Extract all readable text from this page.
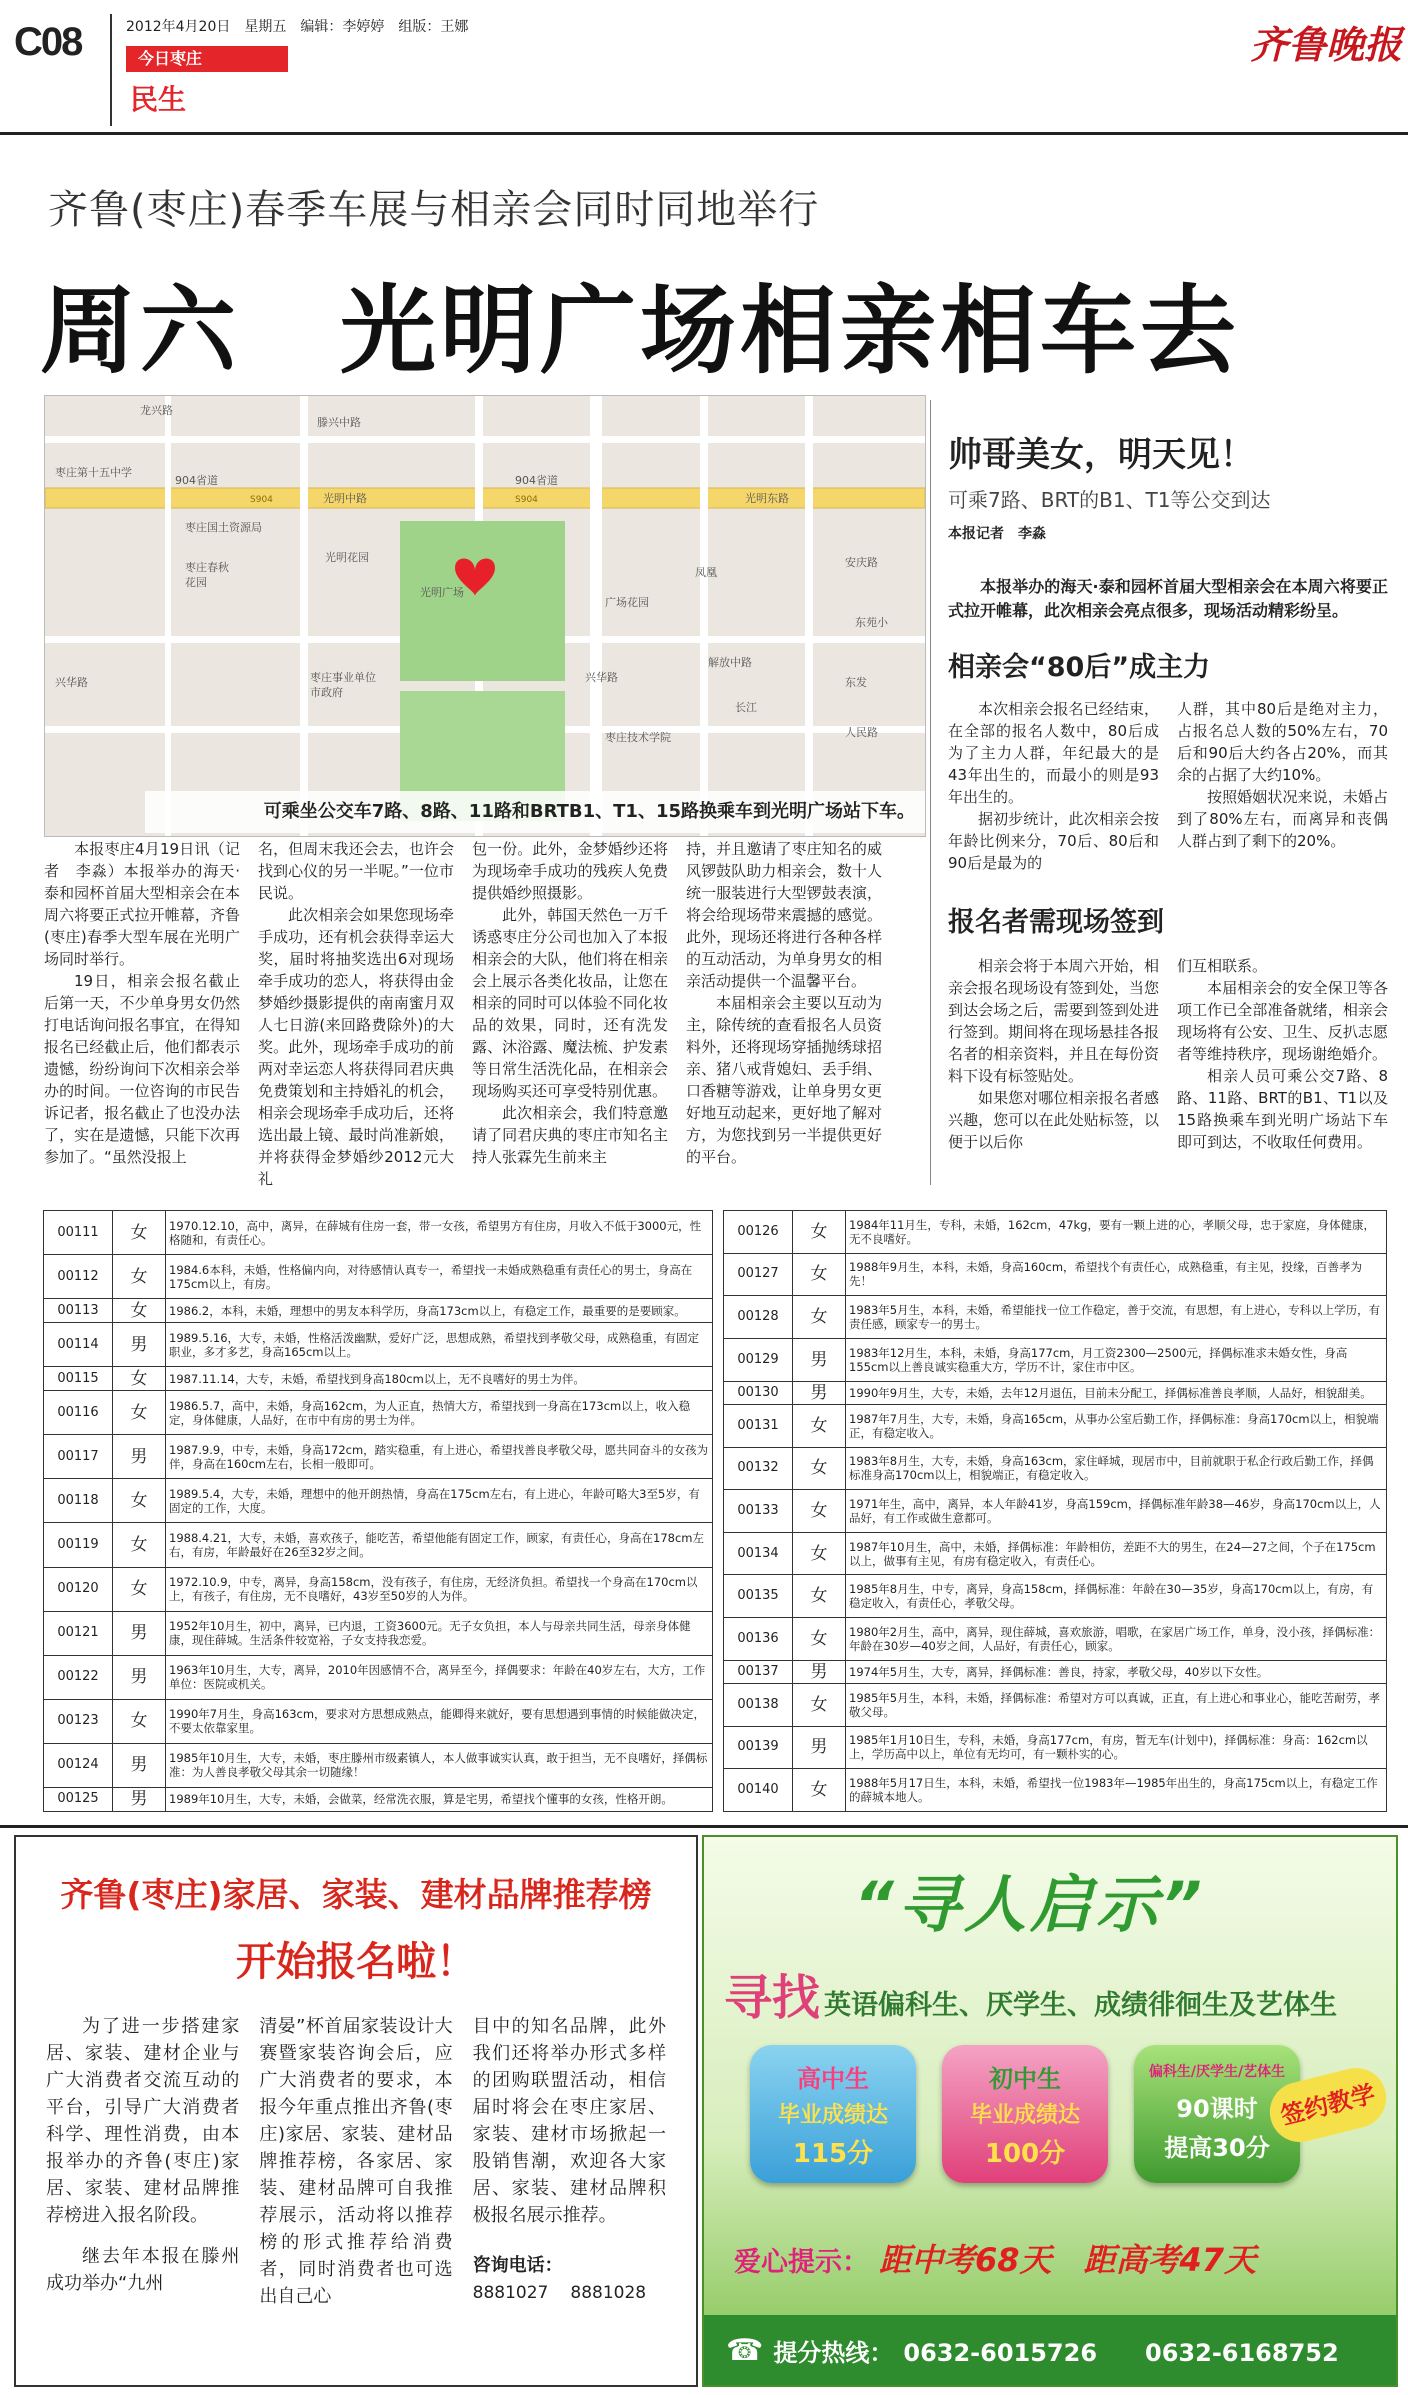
C08	2012年4月20日　星期五　编辑：李婷婷　组版：王娜
今日枣庄
民生
齐鲁晚报
齐鲁(枣庄)春季车展与相亲会同时同地举行
周六　光明广场相亲相车去
龙兴路
滕兴中路
枣庄第十五中学
904省道
S904	光明中路
904省道
S904	光明东路
枣庄国土资源局
光明花园
光明广场
枣庄春秋
花园
广场花园
凤凰
枣庄事业单位
市政府
兴华路	兴华路
解放中路
枣庄技术学院
安庆路
东苑小
长江
东发
人民路
可乘坐公交车7路、8路、11路和BRTB1、T1、15路换乘车到光明广场站下车。

本报枣庄4月19日讯（记者　李淼）本报举办的海天·泰和园杯首届大型相亲会在本周六将要正式拉开帷幕，齐鲁(枣庄)春季大型车展在光明广场同时举行。

19日，相亲会报名截止后第一天，不少单身男女仍然打电话询问报名事宜，在得知报名已经截止后，他们都表示遗憾，纷纷询问下次相亲会举办的时间。一位咨询的市民告诉记者，报名截止了也没办法了，实在是遗憾，只能下次再参加了。“虽然没报上

名，但周末我还会去，也许会找到心仪的另一半呢。”一位市民说。

此次相亲会如果您现场牵手成功，还有机会获得幸运大奖，届时将抽奖选出6对现场牵手成功的恋人，将获得由金梦婚纱摄影提供的南南蜜月双人七日游(来回路费除外)的大奖。此外，现场牵手成功的前两对幸运恋人将获得同君庆典免费策划和主持婚礼的机会，相亲会现场牵手成功后，还将选出最上镜、最时尚准新娘，并将获得金梦婚纱2012元大礼

包一份。此外，金梦婚纱还将为现场牵手成功的残疾人免费提供婚纱照摄影。

此外，韩国天然色一万千诱惑枣庄分公司也加入了本报相亲会的大队，他们将在相亲会上展示各类化妆品，让您在相亲的同时可以体验不同化妆品的效果，同时，还有洗发露、沐浴露、魔法梳、护发素等日常生活洗化品，在相亲会现场购买还可享受特别优惠。

此次相亲会，我们特意邀请了同君庆典的枣庄市知名主持人张霖先生前来主

持，并且邀请了枣庄知名的威风锣鼓队助力相亲会，数十人统一服装进行大型锣鼓表演，将会给现场带来震撼的感觉。此外，现场还将进行各种各样的互动活动，为单身男女的相亲活动提供一个温馨平台。

本届相亲会主要以互动为主，除传统的查看报名人员资料外，还将现场穿插抛绣球招亲、猪八戒背媳妇、丢手绢、口香糖等游戏，让单身男女更好地互动起来，更好地了解对方，为您找到另一半提供更好的平台。

帅哥美女，明天见！
可乘7路、BRT的B1、T1等公交到达
本报记者　李淼

本报举办的海天·泰和园杯首届大型相亲会在本周六将要正式拉开帷幕，此次相亲会亮点很多，现场活动精彩纷呈。

相亲会“80后”成主力

本次相亲会报名已经结束，在全部的报名人数中，80后成为了主力人群，年纪最大的是43年出生的，而最小的则是93年出生的。

据初步统计，此次相亲会按年龄比例来分，70后、80后和90后是最为的

人群，其中80后是绝对主力，占报名总人数的50%左右，70后和90后大约各占20%，而其余的占据了大约10%。

按照婚姻状况来说，未婚占到了80%左右，而离异和丧偶人群占到了剩下的20%。

报名者需现场签到

相亲会将于本周六开始，相亲会报名现场设有签到处，当您到达会场之后，需要到签到处进行签到。期间将在现场悬挂各报名者的相亲资料，并且在每份资料下设有标签贴处。

如果您对哪位相亲报名者感兴趣，您可以在此处贴标签，以便于以后你

们互相联系。

本届相亲会的安全保卫等各项工作已全部准备就绪，相亲会现场将有公安、卫生、反扒志愿者等维持秩序，现场谢绝婚介。

相亲人员可乘公交7路、8路、11路、BRT的B1、T1以及15路换乘车到光明广场站下车即可到达，不收取任何费用。

00111	女	1970.12.10，高中，离异，在薛城有住房一套，带一女孩，希望男方有住房，月收入不低于3000元，性格随和，有责任心。
00112	女	1984.6本科，未婚，性格偏内向，对待感情认真专一，希望找一未婚成熟稳重有责任心的男士，身高在175cm以上，有房。
00113	女	1986.2，本科，未婚，理想中的男友本科学历，身高173cm以上，有稳定工作，最重要的是要顾家。
00114	男	1989.5.16，大专，未婚，性格活泼幽默，爱好广泛，思想成熟，希望找到孝敬父母，成熟稳重，有固定职业，多才多艺，身高165cm以上。
00115	女	1987.11.14，大专，未婚，希望找到身高180cm以上，无不良嗜好的男士为伴。
00116	女	1986.5.7，高中，未婚，身高162cm，为人正直，热情大方，希望找到一身高在173cm以上，收入稳定，身体健康，人品好，在市中有房的男士为伴。
00117	男	1987.9.9，中专，未婚，身高172cm，踏实稳重，有上进心，希望找善良孝敬父母，愿共同奋斗的女孩为伴，身高在160cm左右，长相一般即可。
00118	女	1989.5.4，大专，未婚，理想中的他开朗热情，身高在175cm左右，有上进心，年龄可略大3至5岁，有固定的工作，大度。
00119	女	1988.4.21，大专，未婚，喜欢孩子，能吃苦，希望他能有固定工作，顾家，有责任心，身高在178cm左右，有房，年龄最好在26至32岁之间。
00120	女	1972.10.9，中专，离异，身高158cm，没有孩子，有住房，无经济负担。希望找一个身高在170cm以上，有孩子，有住房，无不良嗜好，43岁至50岁的人为伴。
00121	男	1952年10月生，初中，离异，已内退，工资3600元。无子女负担，本人与母亲共同生活，母亲身体健康，现住薛城。生活条件较宽裕，子女支持我恋爱。
00122	男	1963年10月生，大专，离异，2010年因感情不合，离异至今，择偶要求：年龄在40岁左右，大方，工作单位：医院或机关。
00123	女	1990年7月生，身高163cm，要求对方思想成熟点，能卿得来就好，要有思想遇到事情的时候能做决定，不要太依靠家里。
00124	男	1985年10月生，大专，未婚，枣庄滕州市级素镇人，本人做事诚实认真，敢于担当，无不良嗜好，择偶标准：为人善良孝敬父母其余一切随缘！
00125	男	1989年10月生，大专，未婚，会做菜，经常洗衣服，算是宅男，希望找个懂事的女孩，性格开朗。
00126	女	1984年11月生，专科，未婚，162cm，47kg，要有一颗上进的心，孝顺父母，忠于家庭，身体健康，无不良嗜好。
00127	女	1988年9月生，本科，未婚，身高160cm，希望找个有责任心，成熟稳重，有主见，投缘，百善孝为先！
00128	女	1983年5月生，本科，未婚，希望能找一位工作稳定，善于交流，有思想，有上进心，专科以上学历，有责任感，顾家专一的男士。
00129	男	1983年12月生，本科，未婚，身高177cm，月工资2300—2500元，择偶标准求未婚女性，身高155cm以上善良诚实稳重大方，学历不计，家住市中区。
00130	男	1990年9月生，大专，未婚，去年12月退伍，目前未分配工，择偶标准善良孝顺，人品好，相貌甜美。
00131	女	1987年7月生，大专，未婚，身高165cm，从事办公室后勤工作，择偶标准：身高170cm以上，相貌端正，有稳定收入。
00132	女	1983年8月生，大专，未婚，身高163cm，家住峄城，现居市中，目前就职于私企行政后勤工作，择偶标准身高170cm以上，相貌端正，有稳定收入。
00133	女	1971年生，高中，离异，本人年龄41岁，身高159cm，择偶标准年龄38—46岁，身高170cm以上，人品好，有工作或做生意都可。
00134	女	1987年10月生，高中，未婚，择偶标准：年龄相仿，差距不大的男生，在24—27之间，个子在175cm以上，做事有主见，有房有稳定收入，有责任心。
00135	女	1985年8月生，中专，离异，身高158cm，择偶标准：年龄在30—35岁，身高170cm以上，有房，有稳定收入，有责任心，孝敬父母。
00136	女	1980年2月生，高中，离异，现住薛城，喜欢旅游，唱歌，在家居广场工作，单身，没小孩，择偶标准：年龄在30岁—40岁之间，人品好，有责任心，顾家。
00137	男	1974年5月生，大专，离异，择偶标准：善良，持家，孝敬父母，40岁以下女性。
00138	女	1985年5月生，本科，未婚，择偶标准：希望对方可以真诚，正直，有上进心和事业心，能吃苦耐劳，孝敬父母。
00139	男	1985年1月10日生，专科，未婚，身高177cm，有房，暂无车(计划中)，择偶标准：身高：162cm以上，学历高中以上，单位有无均可，有一颗朴实的心。
00140	女	1988年5月17日生，本科，未婚，希望找一位1983年—1985年出生的，身高175cm以上，有稳定工作的薛城本地人。
齐鲁(枣庄)家居、家装、建材品牌推荐榜
开始报名啦！

为了进一步搭建家居、家装、建材企业与广大消费者交流互动的平台，引导广大消费者科学、理性消费，由本报举办的齐鲁(枣庄)家居、家装、建材品牌推荐榜进入报名阶段。

继去年本报在滕州成功举办“九州

清晏”杯首届家装设计大赛暨家装咨询会后，应广大消费者的要求，本报今年重点推出齐鲁(枣庄)家居、家装、建材品牌推荐榜，各家居、家装、建材品牌可自我推荐展示，活动将以推荐榜的形式推荐给消费者，同时消费者也可选出自己心

目中的知名品牌，此外我们还将举办形式多样的团购联盟活动，相信届时将会在枣庄家居、家装、建材市场掀起一股销售潮，欢迎各大家居、家装、建材品牌积极报名展示推荐。

咨询电话：
8881027 8881028
“寻人启示”
寻找 英语偏科生、厌学生、成绩徘徊生及艺体生
高中生
毕业成绩达
115分
初中生
毕业成绩达
100分
偏科生/厌学生/艺体生
90课时
提高30分
签约教学
爱心提示： 距中考68天　距高考47天
☎ 提分热线： 0632-6015726　　0632-6168752
